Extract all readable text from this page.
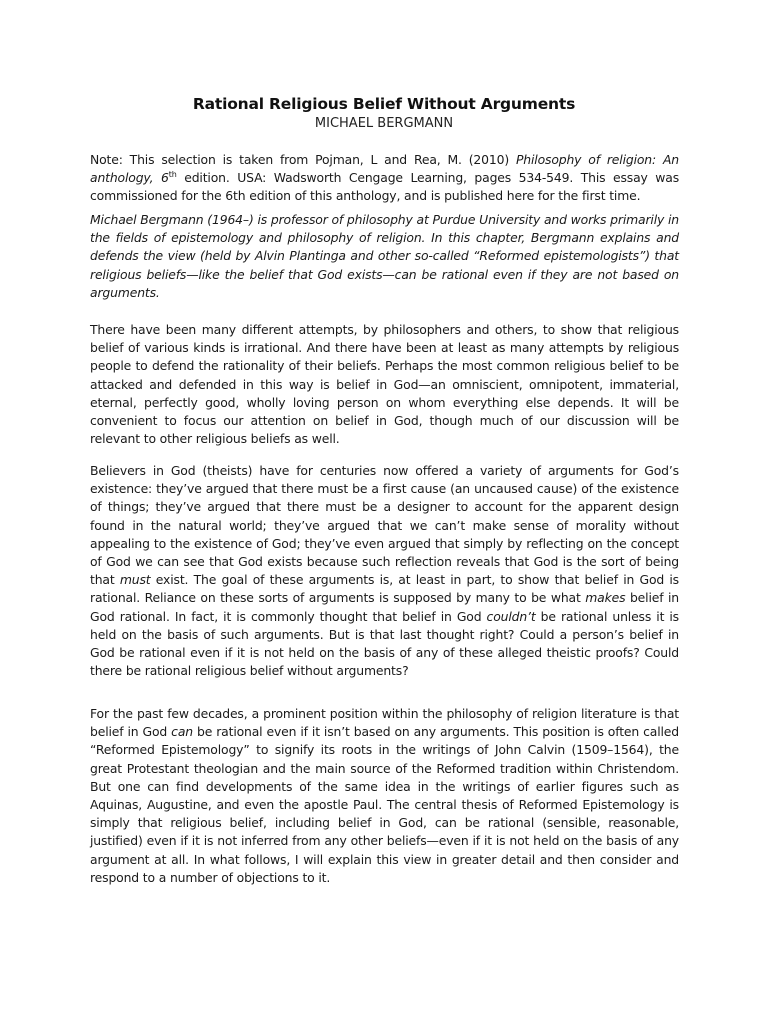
Rational Religious Belief Without Arguments
MICHAEL BERGMANN

Note: This selection is taken from Pojman, L and Rea, M. (2010) Philosophy of religion: An anthology, 6th edition. USA: Wadsworth Cengage Learning, pages 534-549. This essay was commissioned for the 6th edition of this anthology, and is published here for the first time.

Michael Bergmann (1964–) is professor of philosophy at Purdue University and works primarily in the fields of epistemology and philosophy of religion. In this chapter, Bergmann explains and defends the view (held by Alvin Plantinga and other so-called “Reformed epistemologists”) that religious beliefs—like the belief that God exists—can be rational even if they are not based on arguments.

There have been many different attempts, by philosophers and others, to show that religious belief of various kinds is irrational. And there have been at least as many attempts by religious people to defend the rationality of their beliefs. Perhaps the most common religious belief to be attacked and defended in this way is belief in God—an omniscient, omnipotent, immaterial, eternal, perfectly good, wholly loving person on whom everything else depends. It will be convenient to focus our attention on belief in God, though much of our discussion will be relevant to other religious beliefs as well.

Believers in God (theists) have for centuries now offered a variety of arguments for God’s existence: they’ve argued that there must be a first cause (an uncaused cause) of the existence of things; they’ve argued that there must be a designer to account for the apparent design found in the natural world; they’ve argued that we can’t make sense of morality without appealing to the existence of God; they’ve even argued that simply by reflecting on the concept of God we can see that God exists because such reflection reveals that God is the sort of being that must exist. The goal of these arguments is, at least in part, to show that belief in God is rational. Reliance on these sorts of arguments is supposed by many to be what makes belief in God rational. In fact, it is commonly thought that belief in God couldn’t be rational unless it is held on the basis of such arguments. But is that last thought right? Could a person’s belief in God be rational even if it is not held on the basis of any of these alleged theistic proofs? Could there be rational religious belief without arguments?

For the past few decades, a prominent position within the philosophy of religion literature is that belief in God can be rational even if it isn’t based on any arguments. This position is often called “Reformed Epistemology” to signify its roots in the writings of John Calvin (1509–1564), the great Protestant theologian and the main source of the Reformed tradition within Christendom. But one can find developments of the same idea in the writings of earlier figures such as Aquinas, Augustine, and even the apostle Paul. The central thesis of Reformed Epistemology is simply that religious belief, including belief in God, can be rational (sensible, reasonable, justified) even if it is not inferred from any other beliefs—even if it is not held on the basis of any argument at all. In what follows, I will explain this view in greater detail and then consider and respond to a number of objections to it.
